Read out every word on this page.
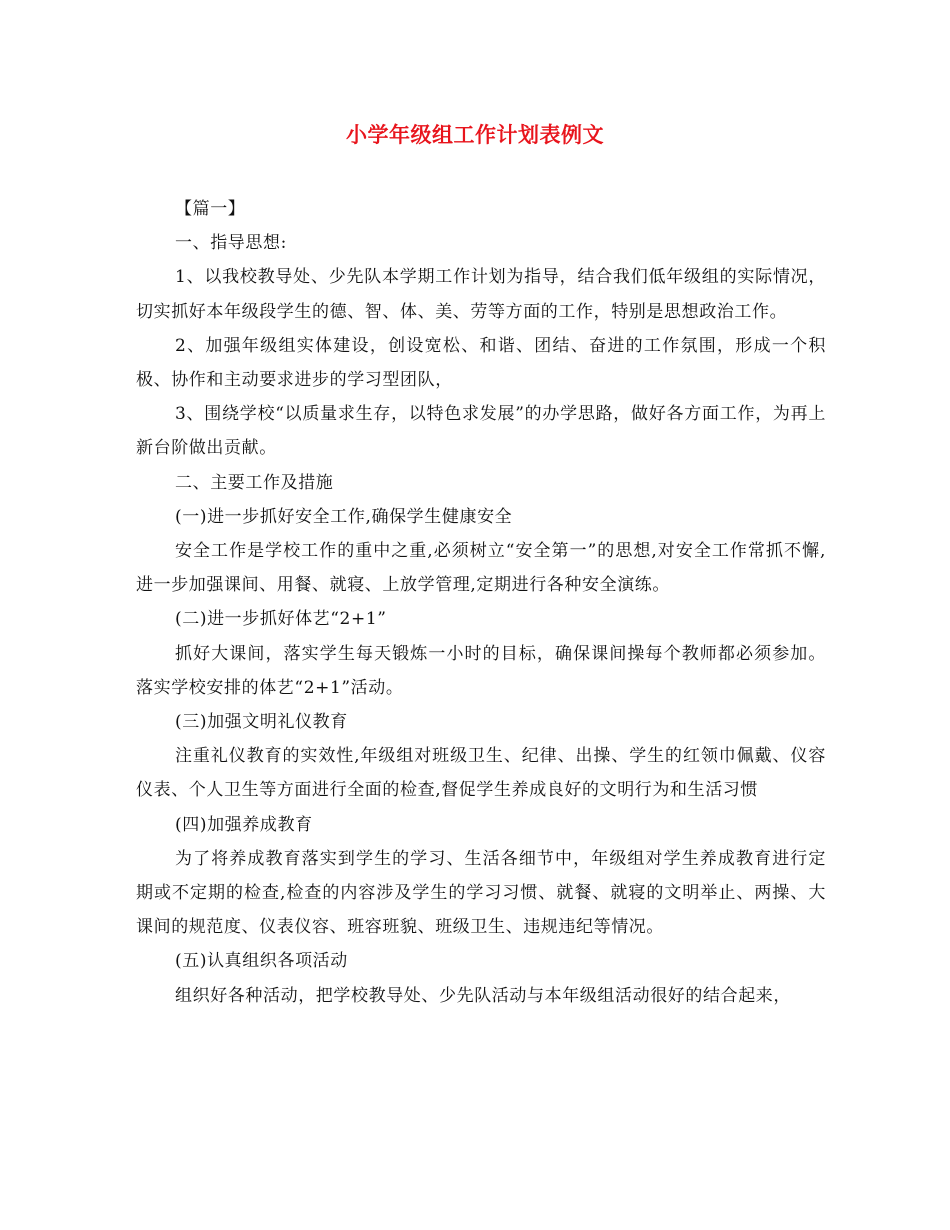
小学年级组工作计划表例文

【篇一】

一、指导思想:

1、以我校教导处、少先队本学期工作计划为指导，结合我们低年级组的实际情况，切实抓好本年级段学生的德、智、体、美、劳等方面的工作，特别是思想政治工作。

2、加强年级组实体建设，创设宽松、和谐、团结、奋进的工作氛围，形成一个积极、协作和主动要求进步的学习型团队，

3、围绕学校“以质量求生存，以特色求发展”的办学思路，做好各方面工作，为再上新台阶做出贡献。

二、主要工作及措施

(一)进一步抓好安全工作,确保学生健康安全

安全工作是学校工作的重中之重,必须树立“安全第一”的思想,对安全工作常抓不懈,进一步加强课间、用餐、就寝、上放学管理,定期进行各种安全演练。

(二)进一步抓好体艺“2+1”

抓好大课间，落实学生每天锻炼一小时的目标，确保课间操每个教师都必须参加。落实学校安排的体艺“2+1”活动。

(三)加强文明礼仪教育

注重礼仪教育的实效性,年级组对班级卫生、纪律、出操、学生的红领巾佩戴、仪容仪表、个人卫生等方面进行全面的检查,督促学生养成良好的文明行为和生活习惯

(四)加强养成教育

为了将养成教育落实到学生的学习、生活各细节中，年级组对学生养成教育进行定期或不定期的检查,检查的内容涉及学生的学习习惯、就餐、就寝的文明举止、两操、大课间的规范度、仪表仪容、班容班貌、班级卫生、违规违纪等情况。

(五)认真组织各项活动

组织好各种活动，把学校教导处、少先队活动与本年级组活动很好的结合起来，
